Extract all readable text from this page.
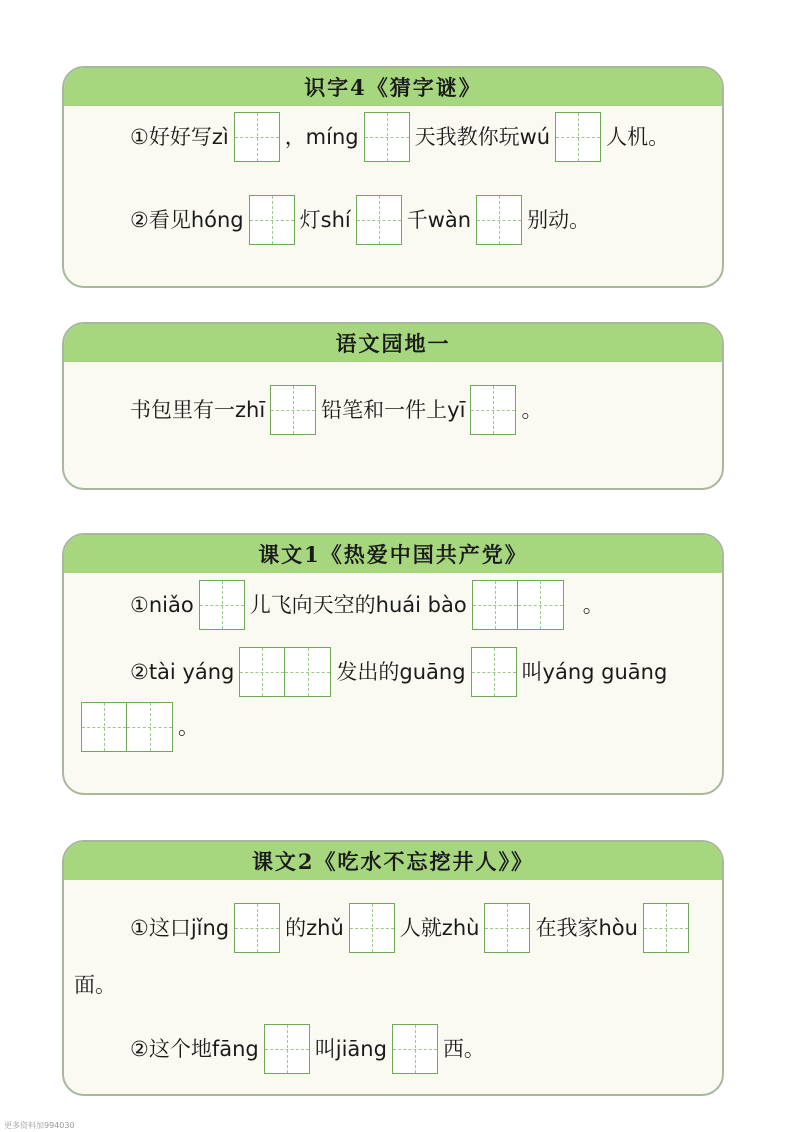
识字4《猜字谜》
①好好写zì	，míng	天我教你玩wú	人机。
②看见hóng	灯shí	千wàn	别动。
语文园地一
书包里有一zhī	铅笔和一件上yī	。
课文1《热爱中国共产党》
①niǎo	儿飞向天空的huái bào	。
②tài yáng	发出的guāng	叫yáng guāng
。
课文2《吃水不忘挖井人》》
①这口jǐng	的zhǔ	人就zhù	在我家hòu
面。
②这个地fāng	叫jiāng	西。
更多资料加994030
